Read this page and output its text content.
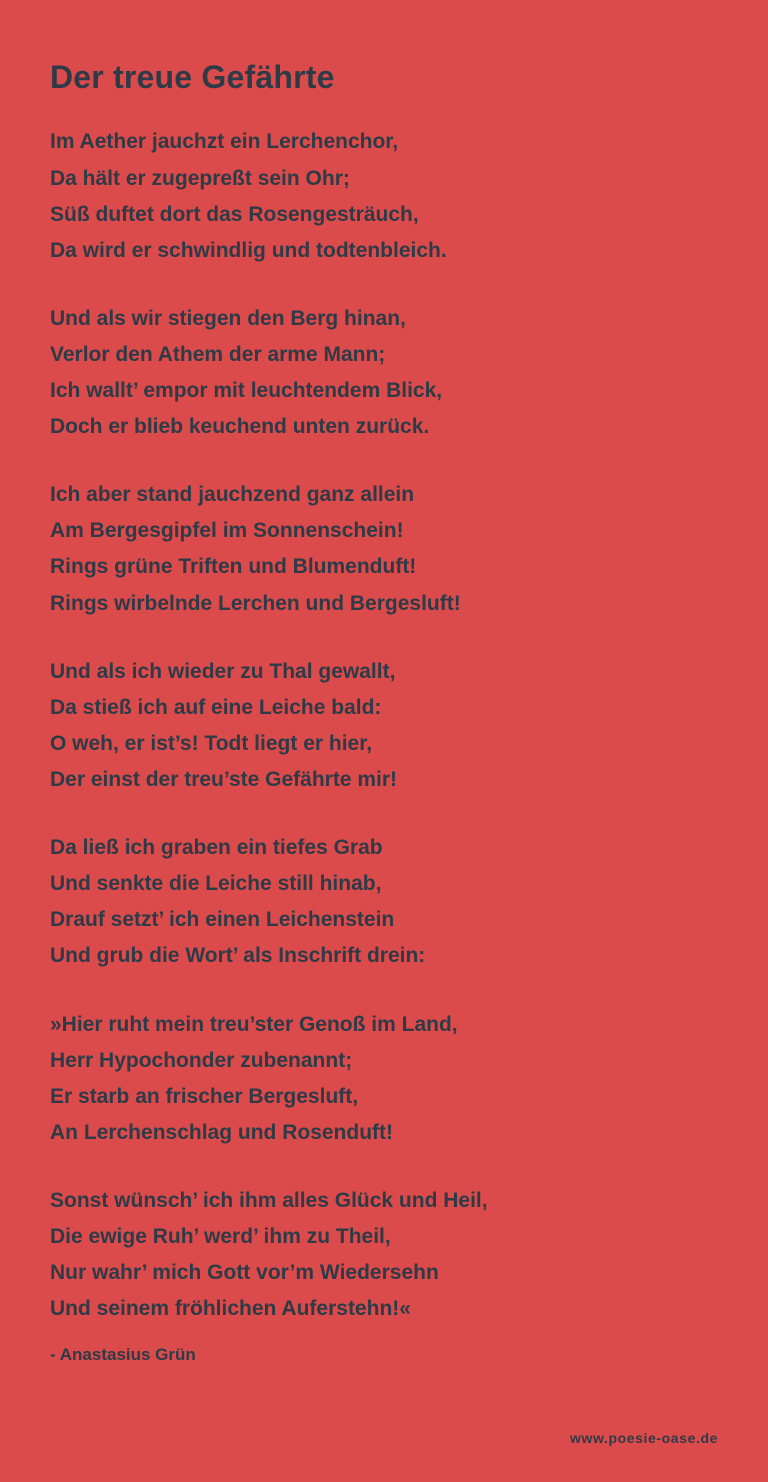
Der treue Gefährte
Im Aether jauchzt ein Lerchenchor,
Da hält er zugepreßt sein Ohr;
Süß duftet dort das Rosengesträuch,
Da wird er schwindlig und todtenbleich.
Und als wir stiegen den Berg hinan,
Verlor den Athem der arme Mann;
Ich wallt’ empor mit leuchtendem Blick,
Doch er blieb keuchend unten zurück.
Ich aber stand jauchzend ganz allein
Am Bergesgipfel im Sonnenschein!
Rings grüne Triften und Blumenduft!
Rings wirbelnde Lerchen und Bergesluft!
Und als ich wieder zu Thal gewallt,
Da stieß ich auf eine Leiche bald:
O weh, er ist’s! Todt liegt er hier,
Der einst der treu’ste Gefährte mir!
Da ließ ich graben ein tiefes Grab
Und senkte die Leiche still hinab,
Drauf setzt’ ich einen Leichenstein
Und grub die Wort’ als Inschrift drein:
»Hier ruht mein treu’ster Genoß im Land,
Herr Hypochonder zubenannt;
Er starb an frischer Bergesluft,
An Lerchenschlag und Rosenduft!
Sonst wünsch’ ich ihm alles Glück und Heil,
Die ewige Ruh’ werd’ ihm zu Theil,
Nur wahr’ mich Gott vor’m Wiedersehn
Und seinem fröhlichen Auferstehn!«
- Anastasius Grün
www.poesie-oase.de
